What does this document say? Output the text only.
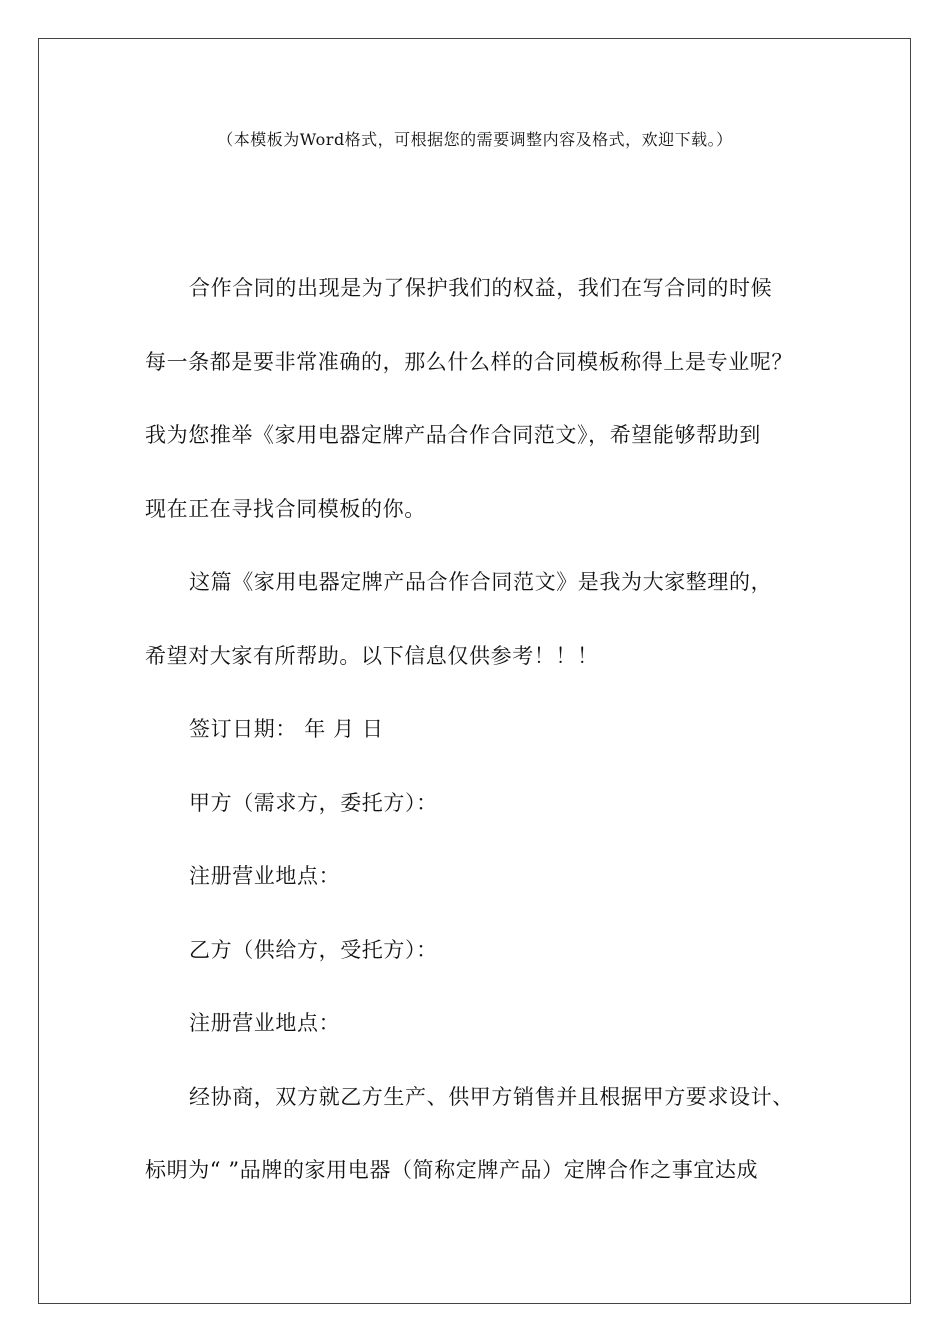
（本模板为Word格式，可根据您的需要调整内容及格式，欢迎下载。）
合作合同的出现是为了保护我们的权益，我们在写合同的时候
每一条都是要非常准确的，那么什么样的合同模板称得上是专业呢？
我为您推举《家用电器定牌产品合作合同范文》，希望能够帮助到
现在正在寻找合同模板的你。
这篇《家用电器定牌产品合作合同范文》是我为大家整理的，
希望对大家有所帮助。以下信息仅供参考！！！
签订日期： 年 月 日
甲方（需求方，委托方）：
注册营业地点：
乙方（供给方，受托方）：
注册营业地点：
经协商，双方就乙方生产、供甲方销售并且根据甲方要求设计、
标明为“ ”品牌的家用电器（简称定牌产品）定牌合作之事宜达成
